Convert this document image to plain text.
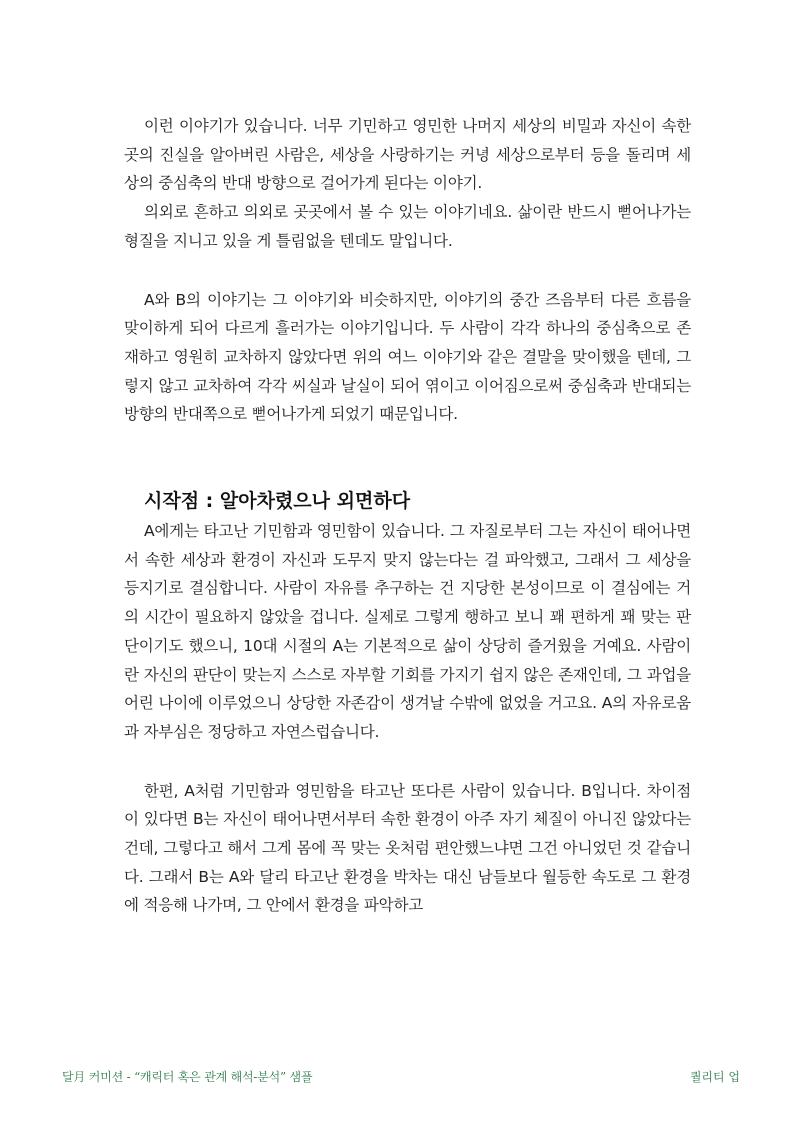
이런 이야기가 있습니다. 너무 기민하고 영민한 나머지 세상의 비밀과 자신이 속한 곳의 진실을 알아버린 사람은, 세상을 사랑하기는 커녕 세상으로부터 등을 돌리며 세상의 중심축의 반대 방향으로 걸어가게 된다는 이야기.

의외로 흔하고 의외로 곳곳에서 볼 수 있는 이야기네요. 삶이란 반드시 뻗어나가는 형질을 지니고 있을 게 틀림없을 텐데도 말입니다.

A와 B의 이야기는 그 이야기와 비슷하지만, 이야기의 중간 즈음부터 다른 흐름을 맞이하게 되어 다르게 흘러가는 이야기입니다. 두 사람이 각각 하나의 중심축으로 존재하고 영원히 교차하지 않았다면 위의 여느 이야기와 같은 결말을 맞이했을 텐데, 그렇지 않고 교차하여 각각 씨실과 날실이 되어 엮이고 이어짐으로써 중심축과 반대되는 방향의 반대쪽으로 뻗어나가게 되었기 때문입니다.

시작점 : 알아차렸으나 외면하다

A에게는 타고난 기민함과 영민함이 있습니다. 그 자질로부터 그는 자신이 태어나면서 속한 세상과 환경이 자신과 도무지 맞지 않는다는 걸 파악했고, 그래서 그 세상을 등지기로 결심합니다. 사람이 자유를 추구하는 건 지당한 본성이므로 이 결심에는 거의 시간이 필요하지 않았을 겁니다. 실제로 그렇게 행하고 보니 꽤 편하게 꽤 맞는 판단이기도 했으니, 10대 시절의 A는 기본적으로 삶이 상당히 즐거웠을 거예요. 사람이란 자신의 판단이 맞는지 스스로 자부할 기회를 가지기 쉽지 않은 존재인데, 그 과업을 어린 나이에 이루었으니 상당한 자존감이 생겨날 수밖에 없었을 거고요. A의 자유로움과 자부심은 정당하고 자연스럽습니다.

한편, A처럼 기민함과 영민함을 타고난 또다른 사람이 있습니다. B입니다. 차이점이 있다면 B는 자신이 태어나면서부터 속한 환경이 아주 자기 체질이 아니진 않았다는 건데, 그렇다고 해서 그게 몸에 꼭 맞는 옷처럼 편안했느냐면 그건 아니었던 것 같습니다. 그래서 B는 A와 달리 타고난 환경을 박차는 대신 남들보다 월등한 속도로 그 환경에 적응해 나가며, 그 안에서 환경을 파악하고

달月 커미션 - “캐릭터 혹은 관계 해석-분석” 샘플	퀄리티 업
